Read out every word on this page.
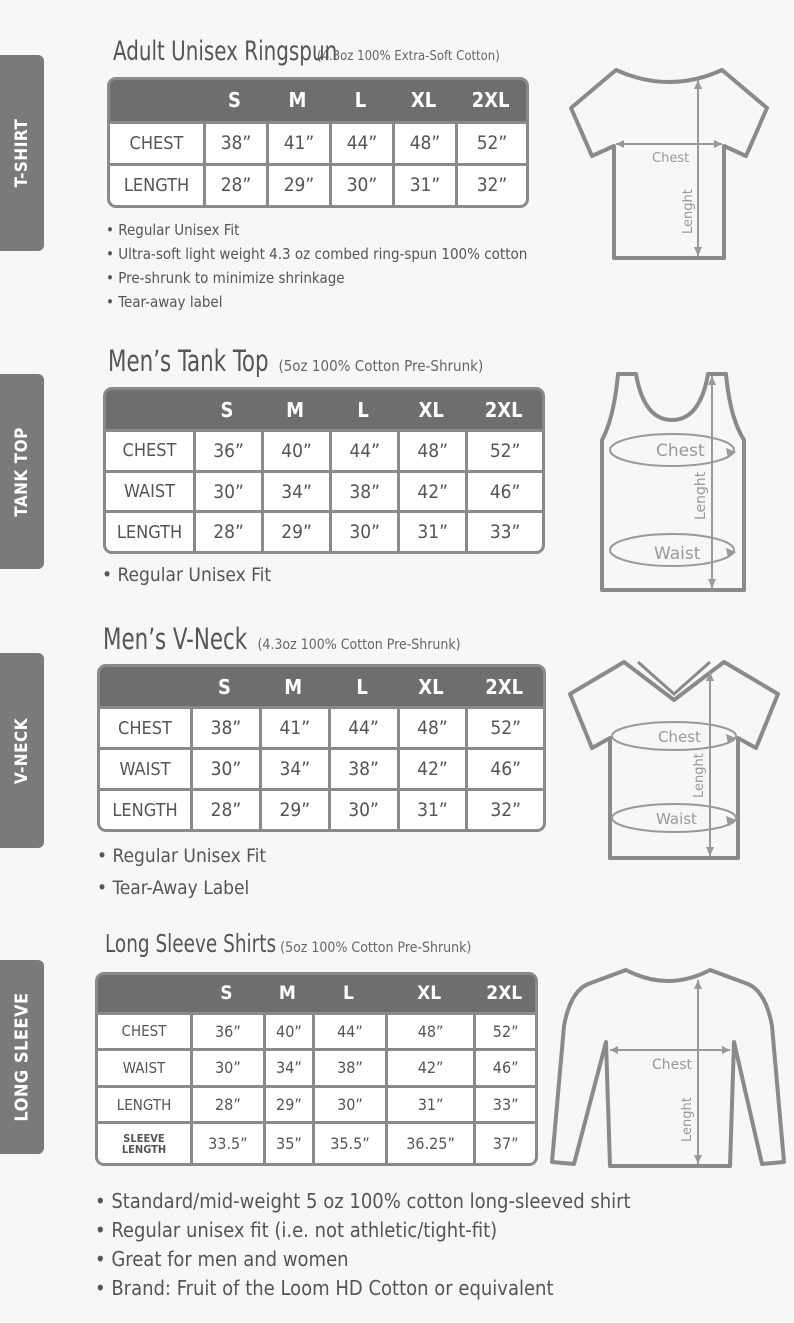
T-SHIRT
Adult Unisex Ringspun (4.3oz 100% Extra-Soft Cotton)
	S	M	L	XL	2XL
CHEST	38”	41”	44”	48”	52”
LENGTH	28”	29”	30”	31”	32”
• Regular Unisex Fit
• Ultra-soft light weight 4.3 oz combed ring-spun 100% cotton
• Pre-shrunk to minimize shrinkage
• Tear-away label
Chest
Lenght
TANK TOP
Men’s Tank Top (5oz 100% Cotton Pre-Shrunk)
	S	M	L	XL	2XL
CHEST	36”	40”	44”	48”	52”
WAIST	30”	34”	38”	42”	46”
LENGTH	28”	29”	30”	31”	33”
• Regular Unisex Fit
Chest
Waist
Lenght
V-NECK
Men’s V-Neck (4.3oz 100% Cotton Pre-Shrunk)
	S	M	L	XL	2XL
CHEST	38”	41”	44”	48”	52”
WAIST	30”	34”	38”	42”	46”
LENGTH	28”	29”	30”	31”	32”
• Regular Unisex Fit
• Tear-Away Label
Chest
Waist
Lenght
LONG SLEEVE
Long Sleeve Shirts (5oz 100% Cotton Pre-Shrunk)
	S	M	L	XL	2XL
CHEST	36”	40”	44”	48”	52”
WAIST	30”	34”	38”	42”	46”
LENGTH	28”	29”	30”	31”	33”
SLEEVE LENGTH	33.5”	35”	35.5”	36.25”	37”
• Standard/mid-weight 5 oz 100% cotton long-sleeved shirt
• Regular unisex fit (i.e. not athletic/tight-fit)
• Great for men and women
• Brand: Fruit of the Loom HD Cotton or equivalent
Chest
Lenght
